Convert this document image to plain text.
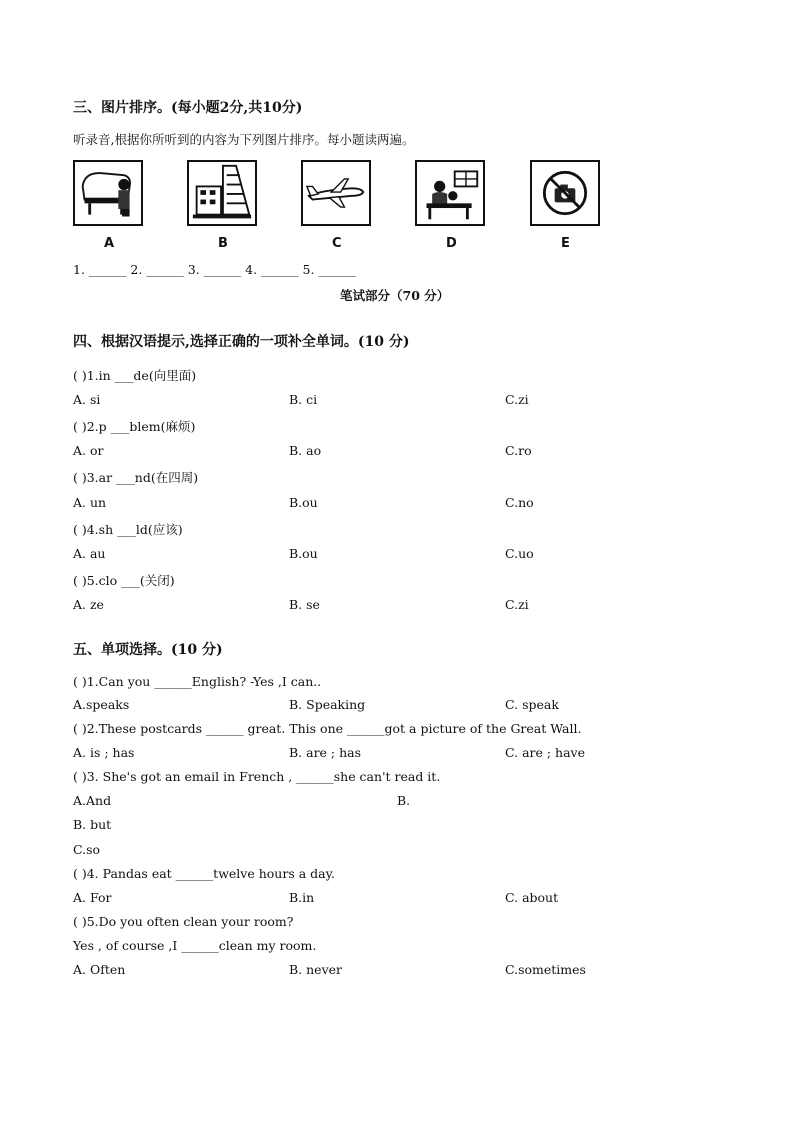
三、图片排序。(每小题2分,共10分)
听录音,根据你所听到的内容为下列图片排序。每小题读两遍。
A	B	C	D	E
1. ______ 2. ______ 3. ______ 4. ______ 5. ______
笔试部分（70 分）
四、根据汉语提示,选择正确的一项补全单词。(10 分)
( )1.in ___de(向里面)
A. si	B. ci	C.zi
( )2.p ___blem(麻烦)
A. or	B. ao	C.ro
( )3.ar ___nd(在四周)
A. un	B.ou	C.no
( )4.sh ___ld(应该)
A. au	B.ou	C.uo
( )5.clo ___(关闭)
A. ze	B. se	C.zi
五、单项选择。(10 分)
( )1.Can you ______English? -Yes ,I can..
A.speaks	B. Speaking	C. speak
( )2.These postcards ______ great. This one ______got a picture of the Great Wall.
A. is ; has	B. are ; has	C. are ; have
( )3. She's got an email in French , ______she can't read it.
A.And	B.
B. but
C.so
( )4. Pandas eat ______twelve hours a day.
A. For	B.in	C. about
( )5.Do you often clean your room?
Yes , of course ,I ______clean my room.
A. Often	B. never	C.sometimes
